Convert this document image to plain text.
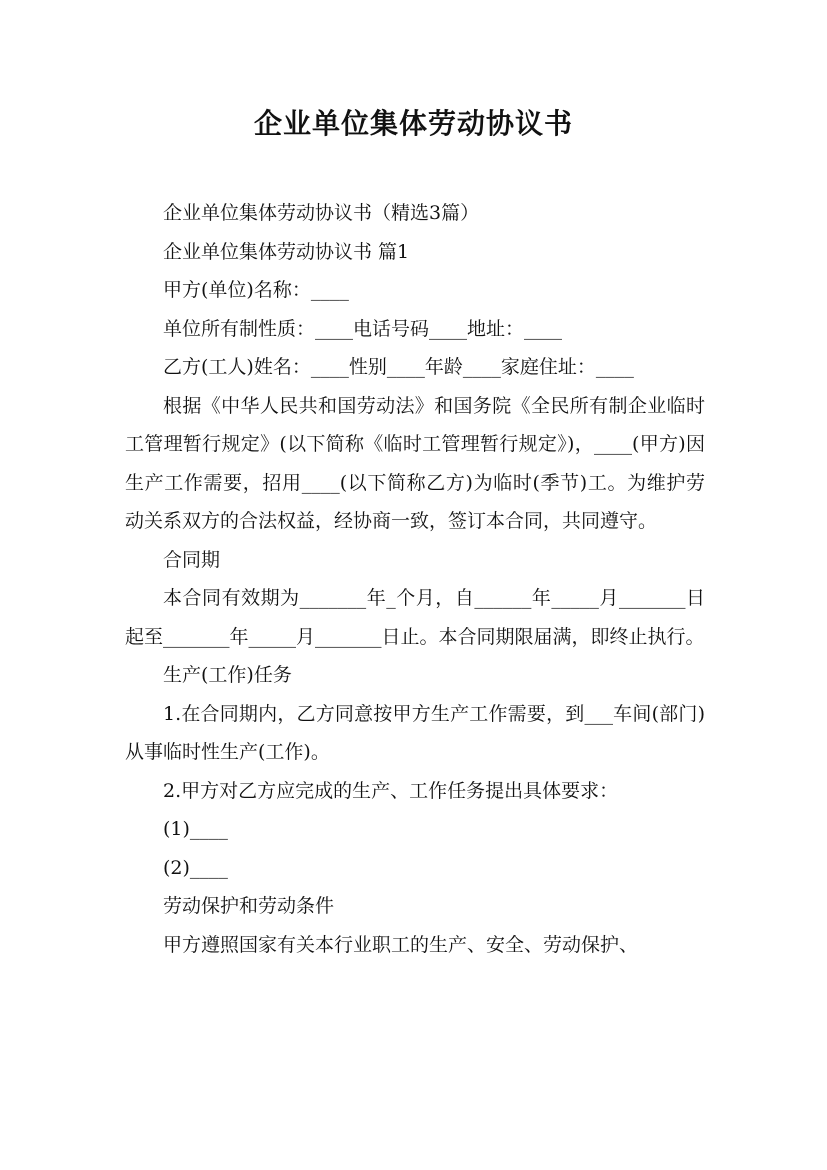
企业单位集体劳动协议书

企业单位集体劳动协议书（精选3篇）

企业单位集体劳动协议书 篇1

甲方(单位)名称：____

单位所有制性质：____电话号码____地址：____

乙方(工人)姓名：____性别____年龄____家庭住址：____

根据《中华人民共和国劳动法》和国务院《全民所有制企业临时工管理暂行规定》(以下简称《临时工管理暂行规定》)，____(甲方)因生产工作需要，招用____(以下简称乙方)为临时(季节)工。为维护劳动关系双方的合法权益，经协商一致，签订本合同，共同遵守。

合同期

本合同有效期为_______年_个月，自______年_____月_______日起至_______年_____月_______日止。本合同期限届满，即终止执行。

生产(工作)任务

1.在合同期内，乙方同意按甲方生产工作需要，到___车间(部门)从事临时性生产(工作)。

2.甲方对乙方应完成的生产、工作任务提出具体要求：

(1)____

(2)____

劳动保护和劳动条件

甲方遵照国家有关本行业职工的生产、安全、劳动保护、
